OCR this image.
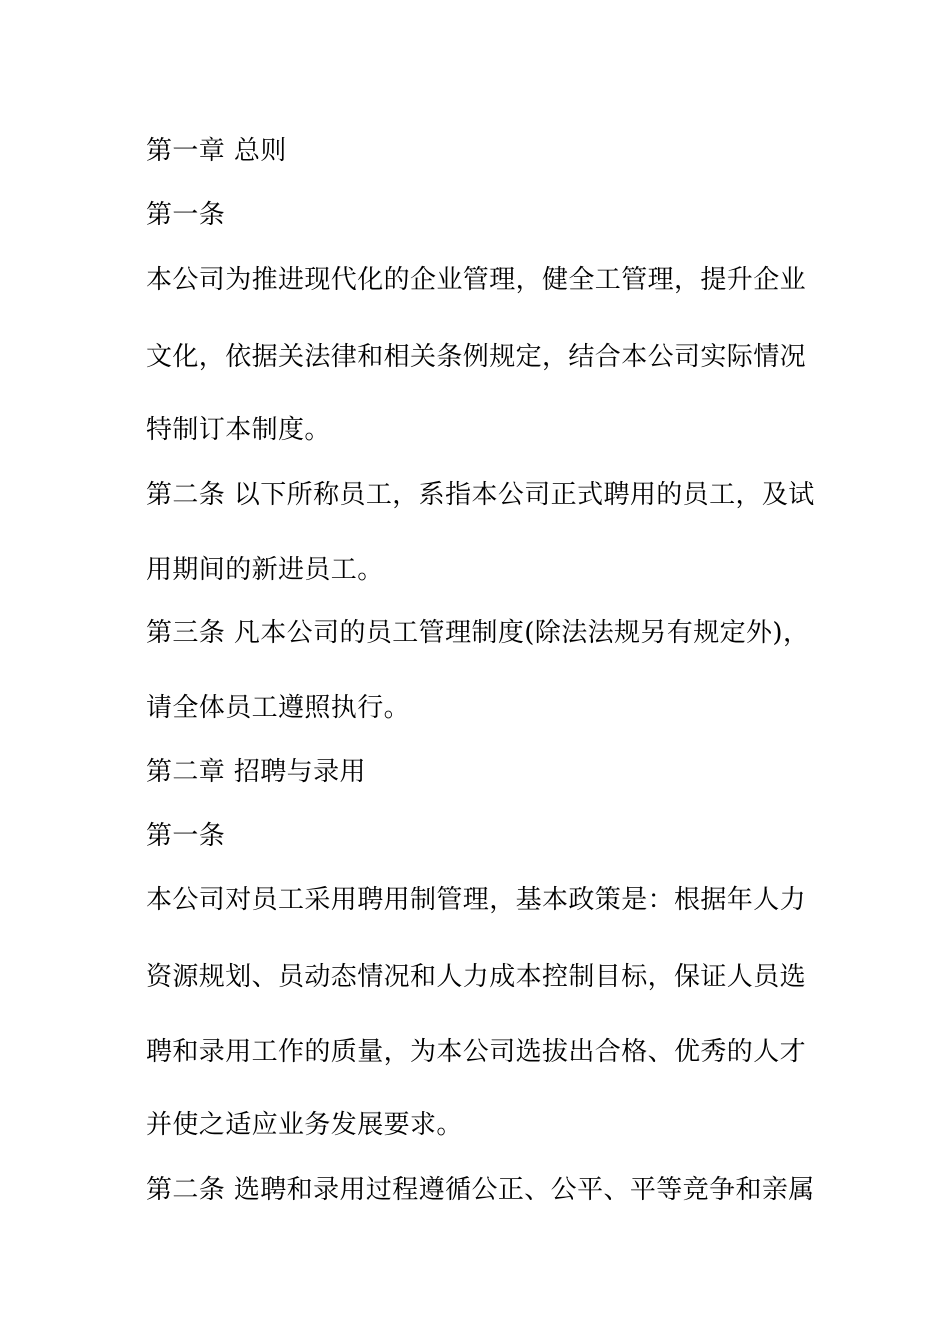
第一章 总则
第一条
本公司为推进现代化的企业管理，健全工管理，提升企业
文化，依据关法律和相关条例规定，结合本公司实际情况
特制订本制度。
第二条 以下所称员工，系指本公司正式聘用的员工，及试
用期间的新进员工。
第三条 凡本公司的员工管理制度(除法法规另有规定外)，
请全体员工遵照执行。
第二章 招聘与录用
第一条
本公司对员工采用聘用制管理，基本政策是：根据年人力
资源规划、员动态情况和人力成本控制目标，保证人员选
聘和录用工作的质量，为本公司选拔出合格、优秀的人才
并使之适应业务发展要求。
第二条 选聘和录用过程遵循公正、公平、平等竞争和亲属
